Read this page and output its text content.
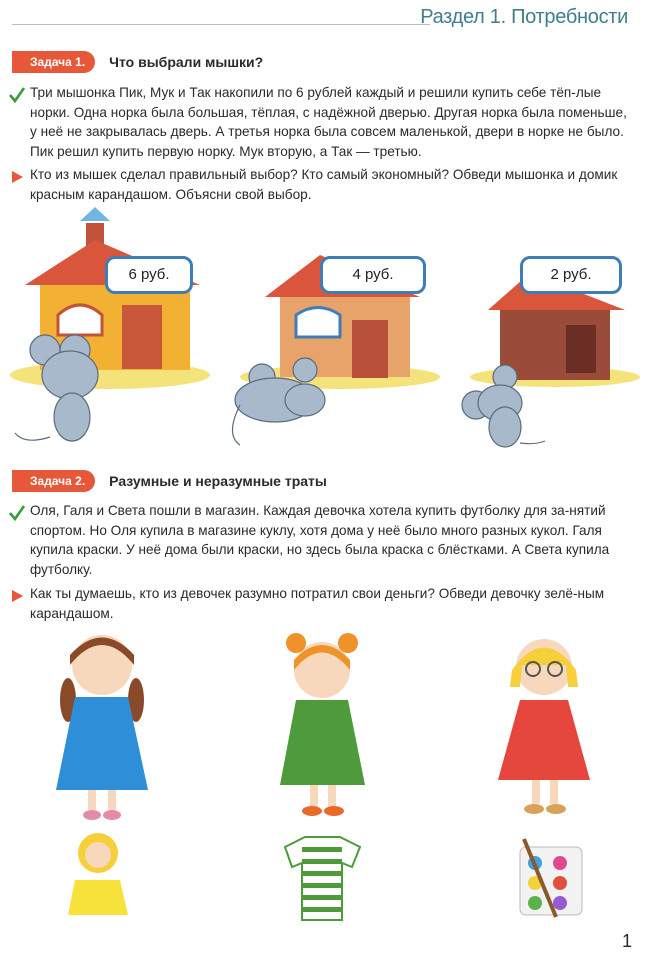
Раздел 1. Потребности
Задача 1.	Что выбрали мышки?
Три мышонка Пик, Мук и Так накопили по 6 рублей каждый и решили купить себе тёп-лые норки. Одна норка была большая, тёплая, с надёжной дверью. Другая норка была поменьше, у неё не закрывалась дверь. А третья норка была совсем маленькой, двери в норке не было. Пик решил купить первую норку. Мук вторую, а Так — третью.
Кто из мышек сделал правильный выбор? Кто самый экономный? Обведи мышонка и домик красным карандашом. Объясни свой выбор.
6 руб.	4 руб.	2 руб.
Задача 2.	Разумные и неразумные траты
Оля, Галя и Света пошли в магазин. Каждая девочка хотела купить футболку для за-нятий спортом. Но Оля купила в магазине куклу, хотя дома у неё было много разных кукол. Галя купила краски. У неё дома были краски, но здесь была краска с блёстками. А Света купила футболку.
Как ты думаешь, кто из девочек разумно потратил свои деньги? Обведи девочку зелё-ным карандашом.
1
